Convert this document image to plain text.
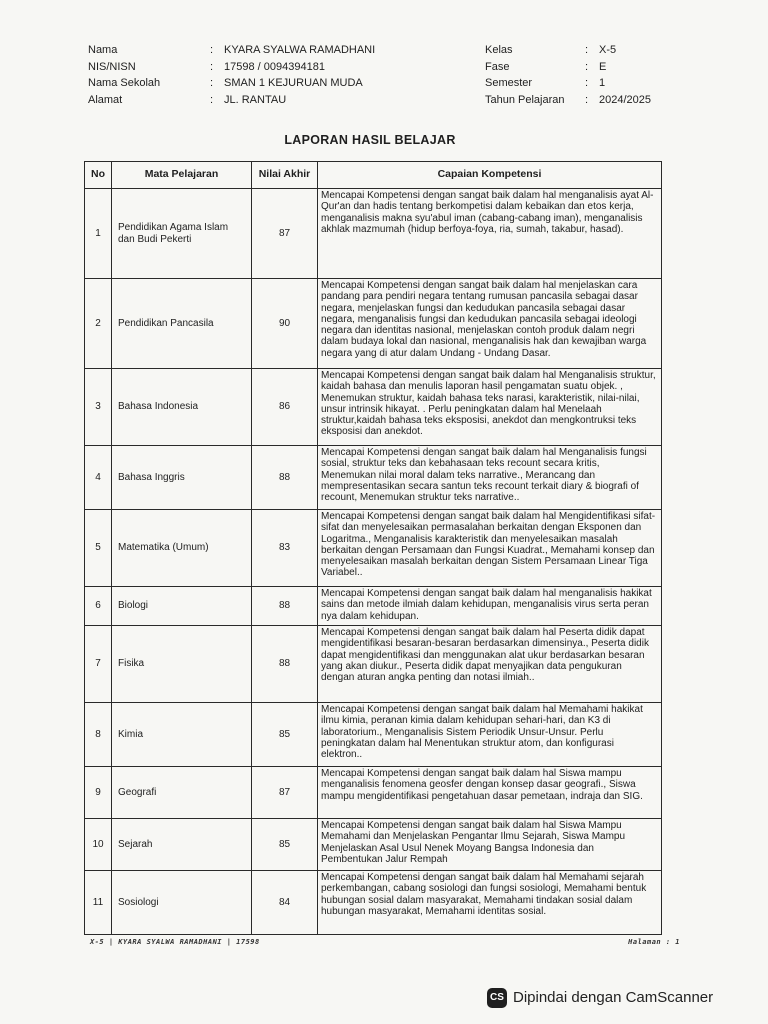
Nama	: KYARA SYALWA RAMADHANI
NIS/NISN	: 17598 / 0094394181
Nama Sekolah	: SMAN 1 KEJURUAN MUDA
Alamat	: JL. RANTAU
Kelas	: X-5
Fase	: E
Semester	: 1
Tahun Pelajaran	: 2024/2025
LAPORAN HASIL BELAJAR
No	Mata Pelajaran	Nilai Akhir	Capaian Kompetensi
1	Pendidikan Agama Islam dan Budi Pekerti	87	Mencapai Kompetensi dengan sangat baik dalam hal menganalisis ayat Al-Qur'an dan hadis tentang berkompetisi dalam kebaikan dan etos kerja, menganalisis makna syu'abul iman (cabang-cabang iman), menganalisis akhlak mazmumah (hidup berfoya-foya, ria, sumah, takabur, hasad).
2	Pendidikan Pancasila	90	Mencapai Kompetensi dengan sangat baik dalam hal menjelaskan cara pandang para pendiri negara tentang rumusan pancasila sebagai dasar negara, menjelaskan fungsi dan kedudukan pancasila sebagai dasar negara, menganalisis fungsi dan kedudukan pancasila sebagai ideologi negara dan identitas nasional, menjelaskan contoh produk dalam negri dalam budaya lokal dan nasional, menganalisis hak dan kewajiban warga negara yang di atur dalam Undang - Undang Dasar.
3	Bahasa Indonesia	86	Mencapai Kompetensi dengan sangat baik dalam hal Menganalisis struktur, kaidah bahasa dan menulis laporan hasil pengamatan suatu objek. , Menemukan struktur, kaidah bahasa teks narasi, karakteristik, nilai-nilai, unsur intrinsik hikayat. . Perlu peningkatan dalam hal Menelaah struktur,kaidah bahasa teks eksposisi, anekdot dan mengkontruksi teks eksposisi dan anekdot.
4	Bahasa Inggris	88	Mencapai Kompetensi dengan sangat baik dalam hal Menganalisis fungsi sosial, struktur teks dan kebahasaan teks recount secara kritis, Menemukan nilai moral dalam teks narrative., Merancang dan mempresentasikan secara santun teks recount terkait diary & biografi of recount, Menemukan struktur teks narrative..
5	Matematika (Umum)	83	Mencapai Kompetensi dengan sangat baik dalam hal Mengidentifikasi sifat-sifat dan menyelesaikan permasalahan berkaitan dengan Eksponen dan Logaritma., Menganalisis karakteristik dan menyelesaikan masalah berkaitan dengan Persamaan dan Fungsi Kuadrat., Memahami konsep dan menyelesaikan masalah berkaitan dengan Sistem Persamaan Linear Tiga Variabel..
6	Biologi	88	Mencapai Kompetensi dengan sangat baik dalam hal menganalisis hakikat sains dan metode ilmiah dalam kehidupan, menganalisis virus serta peran nya dalam kehidupan.
7	Fisika	88	Mencapai Kompetensi dengan sangat baik dalam hal Peserta didik dapat mengidentifikasi besaran-besaran berdasarkan dimensinya., Peserta didik dapat mengidentifikasi dan menggunakan alat ukur berdasarkan besaran yang akan diukur., Peserta didik dapat menyajikan data pengukuran dengan aturan angka penting dan notasi ilmiah..
8	Kimia	85	Mencapai Kompetensi dengan sangat baik dalam hal Memahami hakikat ilmu kimia, peranan kimia dalam kehidupan sehari-hari, dan K3 di laboratorium., Menganalisis Sistem Periodik Unsur-Unsur. Perlu peningkatan dalam hal Menentukan struktur atom, dan konfigurasi elektron..
9	Geografi	87	Mencapai Kompetensi dengan sangat baik dalam hal Siswa mampu menganalisis fenomena geosfer dengan konsep dasar geografi., Siswa mampu mengidentifikasi pengetahuan dasar pemetaan, indraja dan SIG.
10	Sejarah	85	Mencapai Kompetensi dengan sangat baik dalam hal Siswa Mampu Memahami dan Menjelaskan Pengantar Ilmu Sejarah, Siswa Mampu Menjelaskan Asal Usul Nenek Moyang Bangsa Indonesia dan Pembentukan Jalur Rempah
11	Sosiologi	84	Mencapai Kompetensi dengan sangat baik dalam hal Memahami sejarah perkembangan, cabang sosiologi dan fungsi sosiologi, Memahami bentuk hubungan sosial dalam masyarakat, Memahami tindakan sosial dalam hubungan masyarakat, Memahami identitas sosial.
X-5 | KYARA SYALWA RAMADHANI | 17598	Halaman : 1
CS Dipindai dengan CamScanner
